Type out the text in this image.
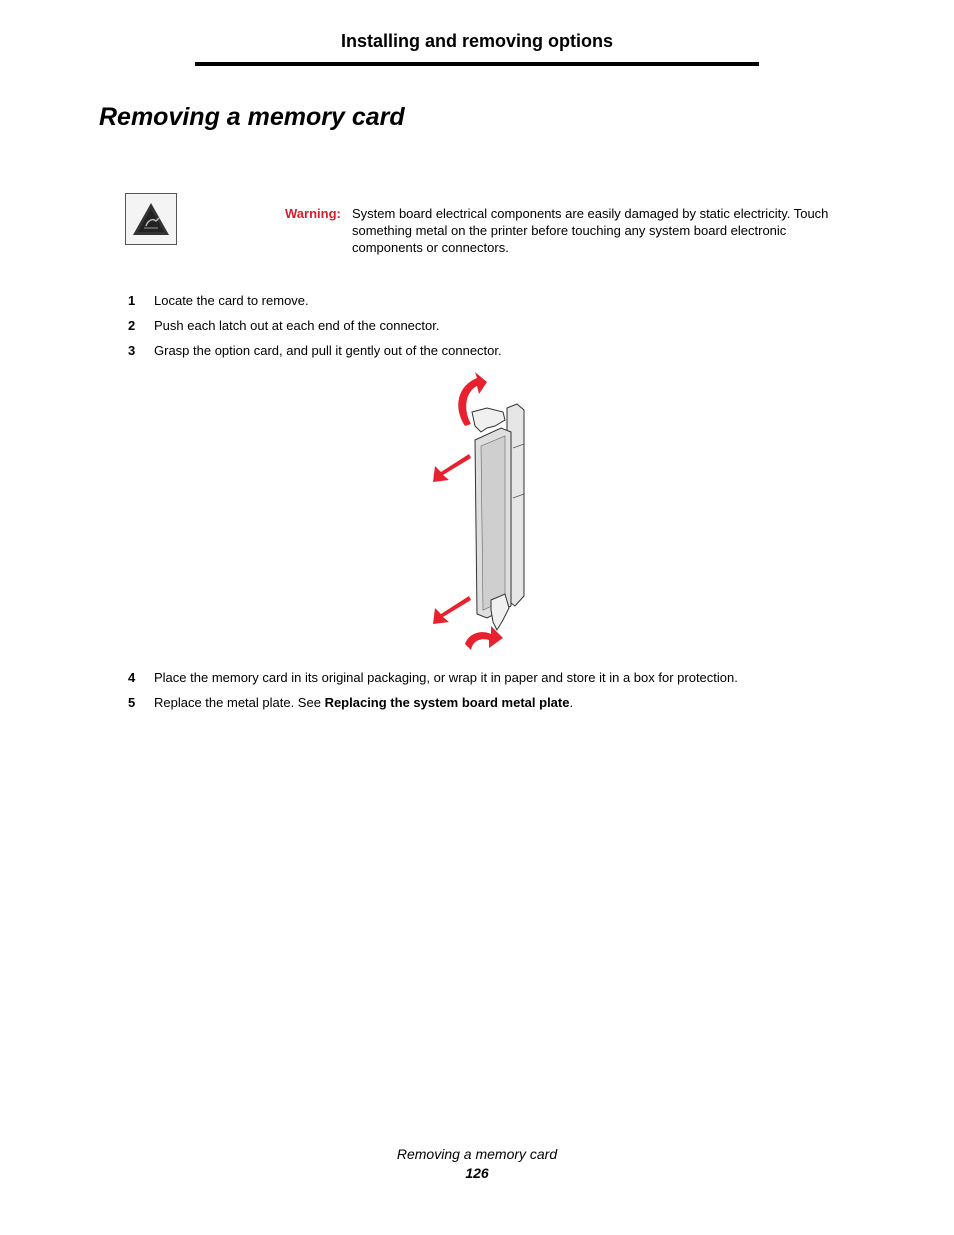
Installing and removing options
Removing a memory card
Warning: System board electrical components are easily damaged by static electricity. Touch something metal on the printer before touching any system board electronic components or connectors.
1 Locate the card to remove.
2 Push each latch out at each end of the connector.
3 Grasp the option card, and pull it gently out of the connector.
4 Place the memory card in its original packaging, or wrap it in paper and store it in a box for protection.
5 Replace the metal plate. See Replacing the system board metal plate.
Removing a memory card
126
